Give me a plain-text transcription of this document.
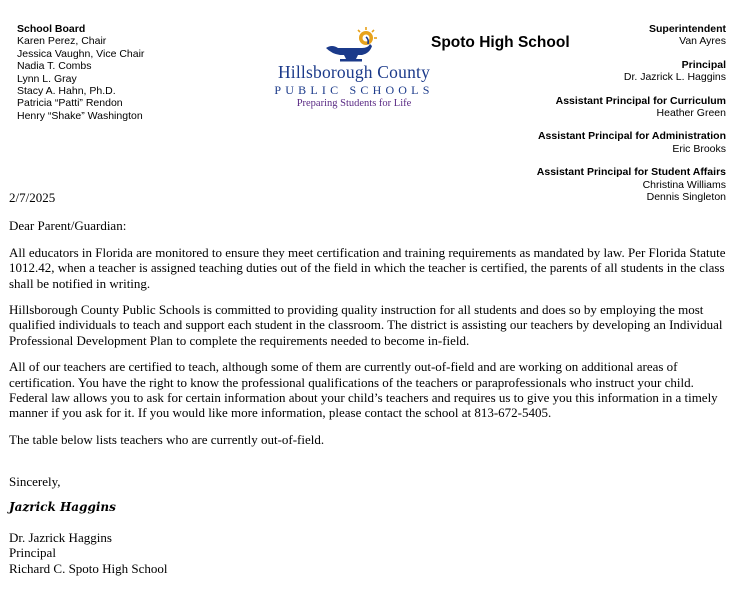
School Board
Karen Perez, Chair
Jessica Vaughn, Vice Chair
Nadia T. Combs
Lynn L. Gray
Stacy A. Hahn, Ph.D.
Patricia “Patti” Rendon
Henry “Shake” Washington
Hillsborough County
PUBLIC SCHOOLS
Preparing Students for Life
Spoto High School
Superintendent
Van Ayres
Principal
Dr. Jazrick L. Haggins
Assistant Principal for Curriculum
Heather Green
Assistant Principal for Administration
Eric Brooks
Assistant Principal for Student Affairs
Christina Williams
Dennis Singleton

2/7/2025

Dear Parent/Guardian:

All educators in Florida are monitored to ensure they meet certification and training requirements as mandated by law. Per Florida Statute 1012.42, when a teacher is assigned teaching duties out of the field in which the teacher is certified, the parents of all students in the class shall be notified in writing.

Hillsborough County Public Schools is committed to providing quality instruction for all students and does so by employing the most qualified individuals to teach and support each student in the classroom. The district is assisting our teachers by developing an Individual Professional Development Plan to complete the requirements needed to become in-field.

All of our teachers are certified to teach, although some of them are currently out-of-field and are working on additional areas of certification. You have the right to know the professional qualifications of the teachers or paraprofessionals who instruct your child. Federal law allows you to ask for certain information about your child’s teachers and requires us to give you this information in a timely manner if you ask for it. If you would like more information, please contact the school at 813-672-5405.

The table below lists teachers who are currently out-of-field.

Sincerely,

Jazrick Haggins

Dr. Jazrick Haggins

Principal

Richard C. Spoto High School
